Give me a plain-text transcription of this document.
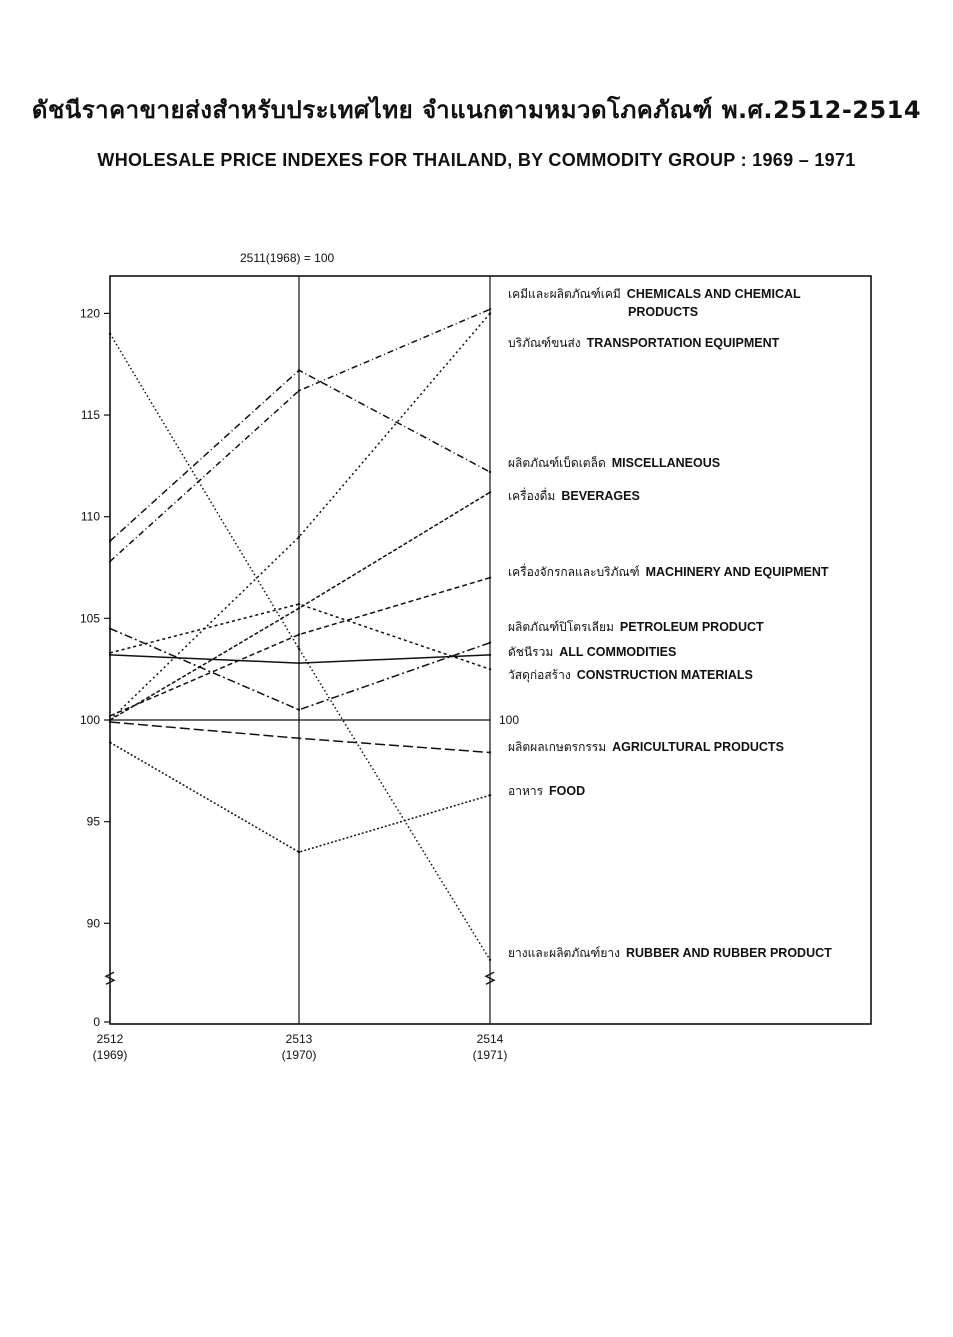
ดัชนีราคาขายส่งสำหรับประเทศไทย จำแนกตามหมวดโภคภัณฑ์ พ.ศ.2512-2514
WHOLESALE PRICE INDEXES FOR THAILAND, BY COMMODITY GROUP : 1969 – 1971
2511(1968) = 100
0
90
95
100
105
110
115
120
2512
(1969)
2513
(1970)
2514
(1971)
100
เคมีและผลิตภัณฑ์เคมี CHEMICALS AND CHEMICAL
PRODUCTS
บริภัณฑ์ขนส่ง TRANSPORTATION EQUIPMENT
ผลิตภัณฑ์เบ็ดเตล็ด MISCELLANEOUS
เครื่องดื่ม BEVERAGES
เครื่องจักรกลและบริภัณฑ์ MACHINERY AND EQUIPMENT
ผลิตภัณฑ์ปิโตรเลียม PETROLEUM PRODUCT
ดัชนีรวม ALL COMMODITIES
วัสดุก่อสร้าง CONSTRUCTION MATERIALS
ผลิตผลเกษตรกรรม AGRICULTURAL PRODUCTS
อาหาร FOOD
ยางและผลิตภัณฑ์ยาง RUBBER AND RUBBER PRODUCT
